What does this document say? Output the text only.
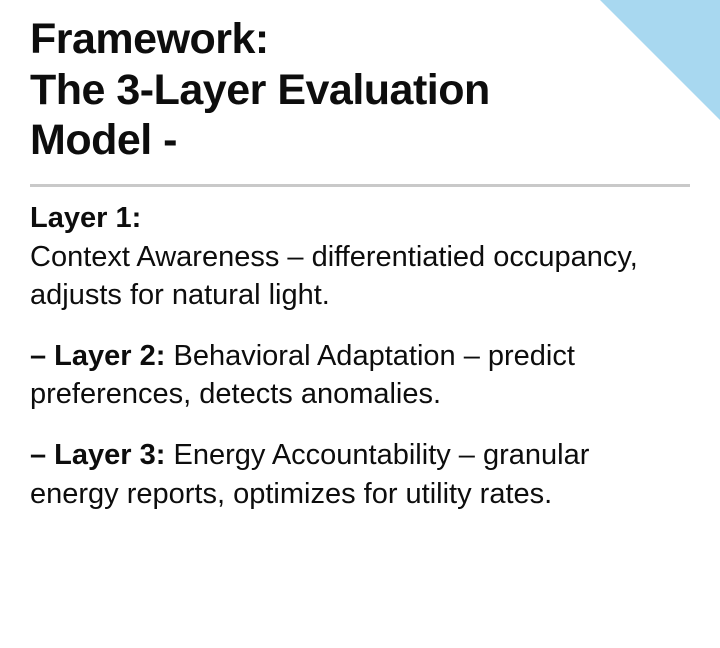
Framework:
The 3-Layer Evaluation
Model -

Layer 1:
Context Awareness – differentiatied occupancy, adjusts for natural light.

– Layer 2: Behavioral Adaptation – predict preferences, detects anomalies.

– Layer 3: Energy Accountability – granular energy reports, optimizes for utility rates.
